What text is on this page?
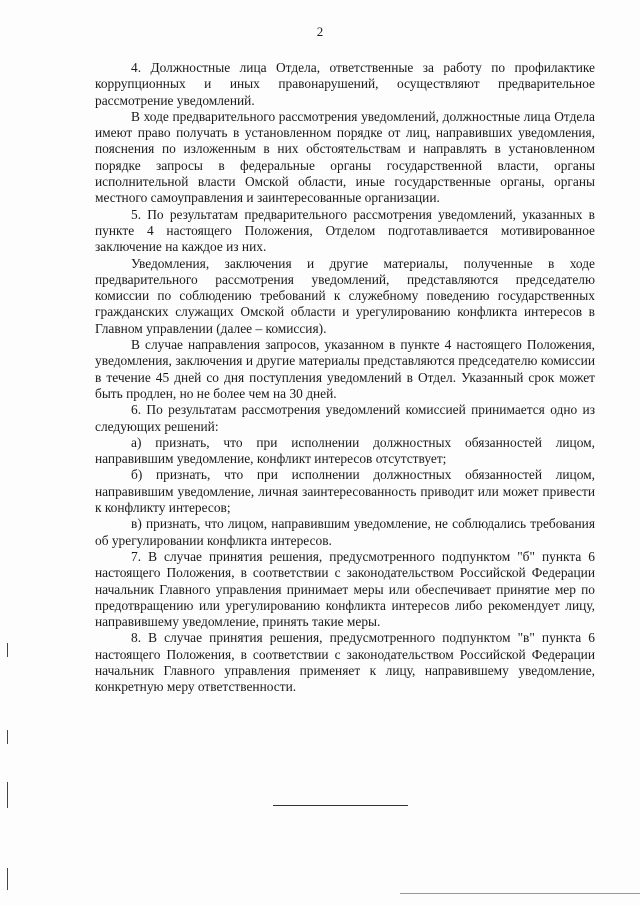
2

4. Должностные лица Отдела, ответственные за работу по профилактике коррупционных и иных правонарушений, осуществляют предварительное рассмотрение уведомлений.

В ходе предварительного рассмотрения уведомлений, должностные лица Отдела имеют право получать в установленном порядке от лиц, направивших уведомления, пояснения по изложенным в них обстоятельствам и направлять в установленном порядке запросы в федеральные органы государственной власти, органы исполнительной власти Омской области, иные государственные органы, органы местного самоуправления и заинтересованные организации.

5. По результатам предварительного рассмотрения уведомлений, указанных в пункте 4 настоящего Положения, Отделом подготавливается мотивированное заключение на каждое из них.

Уведомления, заключения и другие материалы, полученные в ходе предварительного рассмотрения уведомлений, представляются председателю комиссии по соблюдению требований к служебному поведению государственных гражданских служащих Омской области и урегулированию конфликта интересов в Главном управлении (далее – комиссия).

В случае направления запросов, указанном в пункте 4 настоящего Положения, уведомления, заключения и другие материалы представляются председателю комиссии в течение 45 дней со дня поступления уведомлений в Отдел. Указанный срок может быть продлен, но не более чем на 30 дней.

6. По результатам рассмотрения уведомлений комиссией принимается одно из следующих решений:

а) признать, что при исполнении должностных обязанностей лицом, направившим уведомление, конфликт интересов отсутствует;

б) признать, что при исполнении должностных обязанностей лицом, направившим уведомление, личная заинтересованность приводит или может привести к конфликту интересов;

в) признать, что лицом, направившим уведомление, не соблюдались требования об урегулировании конфликта интересов.

7. В случае принятия решения, предусмотренного подпунктом "б" пункта 6 настоящего Положения, в соответствии с законодательством Российской Федерации начальник Главного управления принимает меры или обеспечивает принятие мер по предотвращению или урегулированию конфликта интересов либо рекомендует лицу, направившему уведомление, принять такие меры.

8. В случае принятия решения, предусмотренного подпунктом "в" пункта 6 настоящего Положения, в соответствии с законодательством Российской Федерации начальник Главного управления применяет к лицу, направившему уведомление, конкретную меру ответственности.
